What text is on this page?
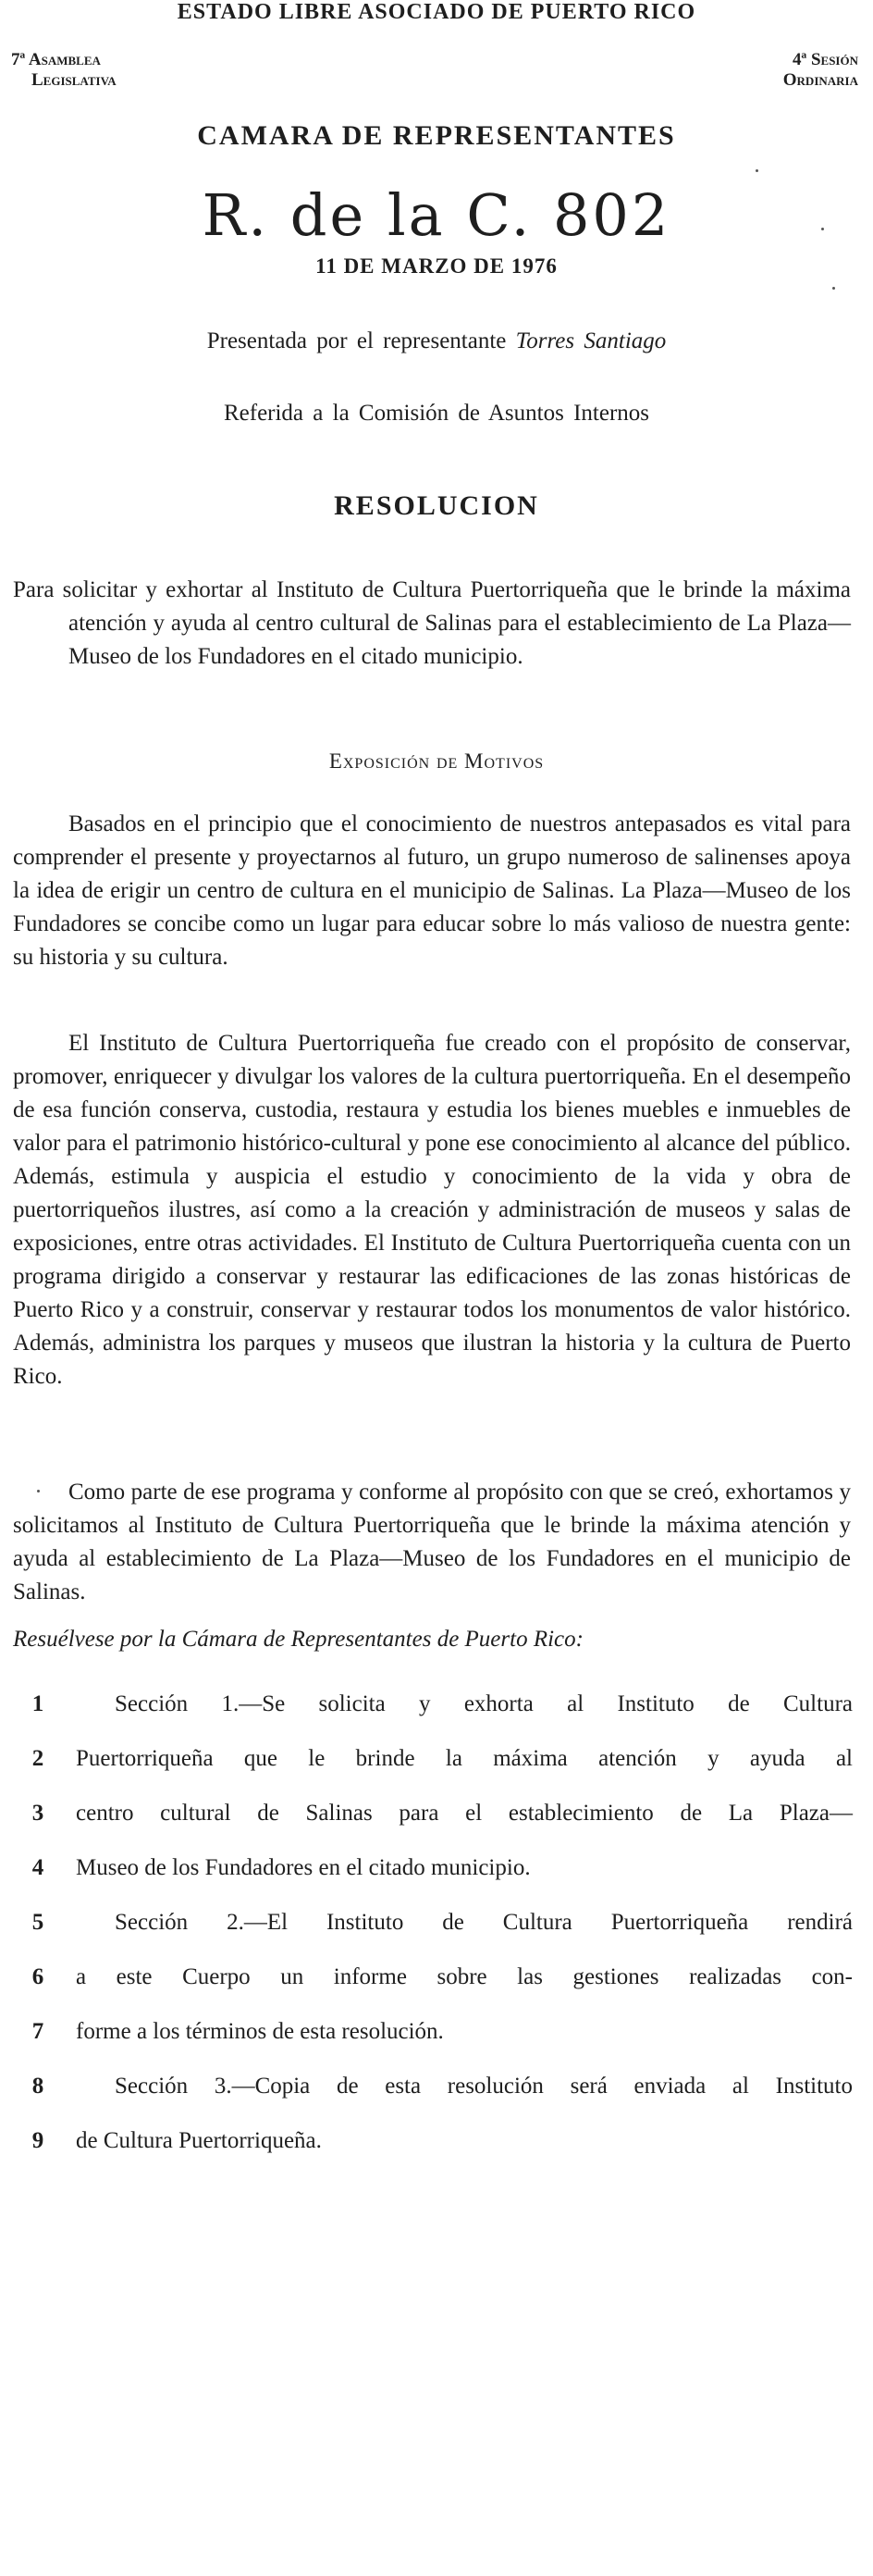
ESTADO LIBRE ASOCIADO DE PUERTO RICO
7ª Asamblea
Legislativa
4ª Sesión
Ordinaria
CAMARA DE REPRESENTANTES
R. de la C. 802
11 DE MARZO DE 1976
Presentada por el representante Torres Santiago
Referida a la Comisión de Asuntos Internos
RESOLUCION

Para solicitar y exhortar al Instituto de Cultura Puertorriqueña que le brinde la máxima atención y ayuda al centro cultural de Salinas para el establecimiento de La Plaza—Museo de los Fundadores en el citado municipio.

Exposición de Motivos

Basados en el principio que el conocimiento de nuestros antepasados es vital para comprender el presente y proyectarnos al futuro, un grupo numeroso de salinenses apoya la idea de erigir un centro de cultura en el municipio de Salinas. La Plaza—Museo de los Fundadores se concibe como un lugar para educar sobre lo más valioso de nuestra gente: su historia y su cultura.

El Instituto de Cultura Puertorriqueña fue creado con el propósito de conservar, promover, enriquecer y divulgar los valores de la cultura puertorriqueña. En el desempeño de esa función conserva, custodia, restaura y estudia los bienes muebles e inmuebles de valor para el patrimonio histórico-cultural y pone ese conocimiento al alcance del público. Además, estimula y auspicia el estudio y conocimiento de la vida y obra de puertorriqueños ilustres, así como a la creación y administración de museos y salas de exposiciones, entre otras actividades. El Instituto de Cultura Puertorriqueña cuenta con un programa dirigido a conservar y restaurar las edificaciones de las zonas históricas de Puerto Rico y a construir, conservar y restaurar todos los monumentos de valor histórico. Además, administra los parques y museos que ilustran la historia y la cultura de Puerto Rico.

Como parte de ese programa y conforme al propósito con que se creó, exhortamos y solicitamos al Instituto de Cultura Puertorriqueña que le brinde la máxima atención y ayuda al establecimiento de La Plaza—Museo de los Fundadores en el municipio de Salinas.

Resuélvese por la Cámara de Representantes de Puerto Rico:
1	Sección 1.—Se solicita y exhorta al Instituto de Cultura
2	Puertorriqueña que le brinde la máxima atención y ayuda al
3	centro cultural de Salinas para el establecimiento de La Plaza—
4	Museo de los Fundadores en el citado municipio.
5	Sección 2.—El Instituto de Cultura Puertorriqueña rendirá
6	a este Cuerpo un informe sobre las gestiones realizadas con-
7	forme a los términos de esta resolución.
8	Sección 3.—Copia de esta resolución será enviada al Instituto
9	de Cultura Puertorriqueña.
